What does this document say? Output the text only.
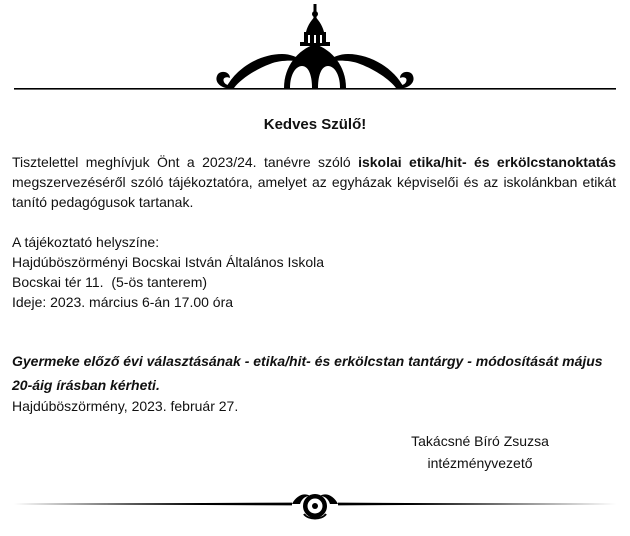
Kedves Szülő!
Tisztelettel meghívjuk Önt a 2023/24. tanévre szóló iskolai etika/hit- és erkölcstanoktatás megszervezéséről szóló tájékoztatóra, amelyet az egyházak képviselői és az iskolánkban etikát tanító pedagógusok tartanak.
A tájékoztató helyszíne:
Hajdúböszörményi Bocskai István Általános Iskola
Bocskai tér 11.  (5-ös tanterem)
Ideje: 2023. március 6-án 17.00 óra
Gyermeke előző évi választásának - etika/hit- és erkölcstan tantárgy - módosítását május 20-áig írásban kérheti.
Hajdúböszörmény, 2023. február 27.
Takácsné Bíró Zsuzsa
intézményvezető
